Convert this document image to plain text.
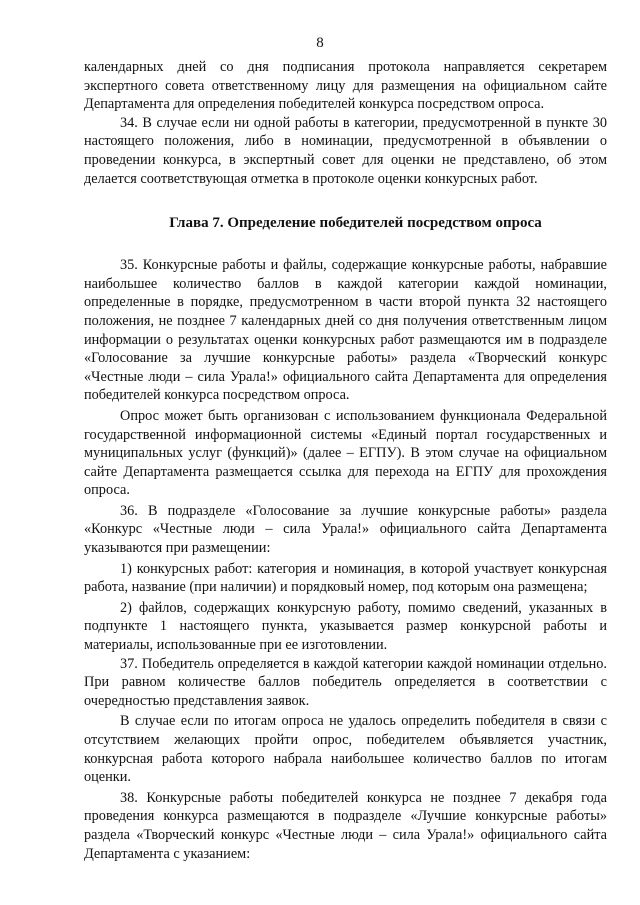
8

календарных дней со дня подписания протокола направляется секретарем экспертного совета ответственному лицу для размещения на официальном сайте Департамента для определения победителей конкурса посредством опроса.

34. В случае если ни одной работы в категории, предусмотренной в пункте 30 настоящего положения, либо в номинации, предусмотренной в объявлении о проведении конкурса, в экспертный совет для оценки не представлено, об этом делается соответствующая отметка в протоколе оценки конкурсных работ.

Глава 7. Определение победителей посредством опроса

35. Конкурсные работы и файлы, содержащие конкурсные работы, набравшие наибольшее количество баллов в каждой категории каждой номинации, определенные в порядке, предусмотренном в части второй пункта 32 настоящего положения, не позднее 7 календарных дней со дня получения ответственным лицом информации о результатах оценки конкурсных работ размещаются им в подразделе «Голосование за лучшие конкурсные работы» раздела «Творческий конкурс «Честные люди – сила Урала!» официального сайта Департамента для определения победителей конкурса посредством опроса.

Опрос может быть организован с использованием функционала Федеральной государственной информационной системы «Единый портал государственных и муниципальных услуг (функций)» (далее – ЕГПУ). В этом случае на официальном сайте Департамента размещается ссылка для перехода на ЕГПУ для прохождения опроса.

36. В подразделе «Голосование за лучшие конкурсные работы» раздела «Конкурс «Честные люди – сила Урала!» официального сайта Департамента указываются при размещении:

1) конкурсных работ: категория и номинация, в которой участвует конкурсная работа, название (при наличии) и порядковый номер, под которым она размещена;

2) файлов, содержащих конкурсную работу, помимо сведений, указанных в подпункте 1 настоящего пункта, указывается размер конкурсной работы и материалы, использованные при ее изготовлении.

37. Победитель определяется в каждой категории каждой номинации отдельно. При равном количестве баллов победитель определяется в соответствии с очередностью представления заявок.

В случае если по итогам опроса не удалось определить победителя в связи с отсутствием желающих пройти опрос, победителем объявляется участник, конкурсная работа которого набрала наибольшее количество баллов по итогам оценки.

38. Конкурсные работы победителей конкурса не позднее 7 декабря года проведения конкурса размещаются в подразделе «Лучшие конкурсные работы» раздела «Творческий конкурс «Честные люди – сила Урала!» официального сайта Департамента с указанием:
